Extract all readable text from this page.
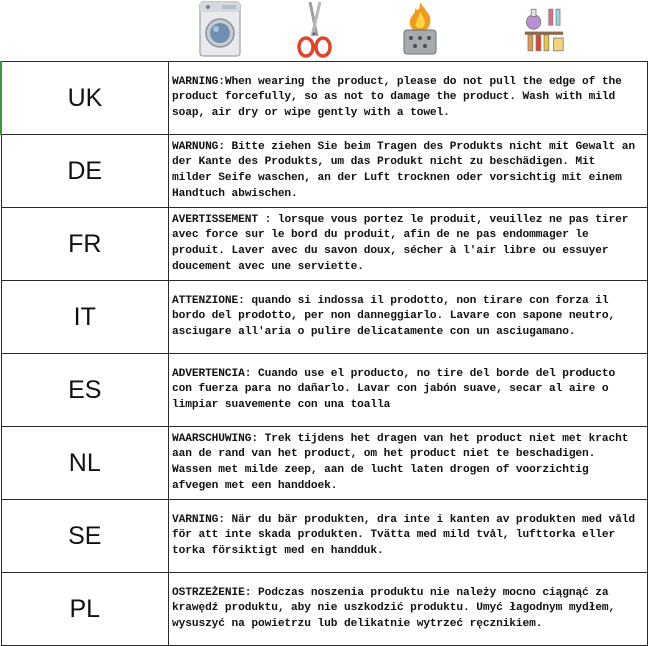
UK	WARNING:When wearing the product, please do not pull the edge of the product forcefully, so as not to damage the product. Wash with mild soap, air dry or wipe gently with a towel.
DE	WARNUNG: Bitte ziehen Sie beim Tragen des Produkts nicht mit Gewalt an der Kante des Produkts, um das Produkt nicht zu beschädigen. Mit milder Seife waschen, an der Luft trocknen oder vorsichtig mit einem Handtuch abwischen.
FR	AVERTISSEMENT : lorsque vous portez le produit, veuillez ne pas tirer avec force sur le bord du produit, afin de ne pas endommager le produit. Laver avec du savon doux, sécher à l'air libre ou essuyer doucement avec une serviette.
IT	ATTENZIONE: quando si indossa il prodotto, non tirare con forza il bordo del prodotto, per non danneggiarlo. Lavare con sapone neutro, asciugare all'aria o pulire delicatamente con un asciugamano.
ES	ADVERTENCIA: Cuando use el producto, no tire del borde del producto con fuerza para no dañarlo. Lavar con jabón suave, secar al aire o limpiar suavemente con una toalla
NL	WAARSCHUWING: Trek tijdens het dragen van het product niet met kracht aan de rand van het product, om het product niet te beschadigen. Wassen met milde zeep, aan de lucht laten drogen of voorzichtig afvegen met een handdoek.
SE	VARNING: När du bär produkten, dra inte i kanten av produkten med våld för att inte skada produkten. Tvätta med mild tvål, lufttorka eller torka försiktigt med en handduk.
PL	OSTRZEŻENIE: Podczas noszenia produktu nie należy mocno ciągnąć za krawędź produktu, aby nie uszkodzić produktu. Umyć łagodnym mydłem, wysuszyć na powietrzu lub delikatnie wytrzeć ręcznikiem.
